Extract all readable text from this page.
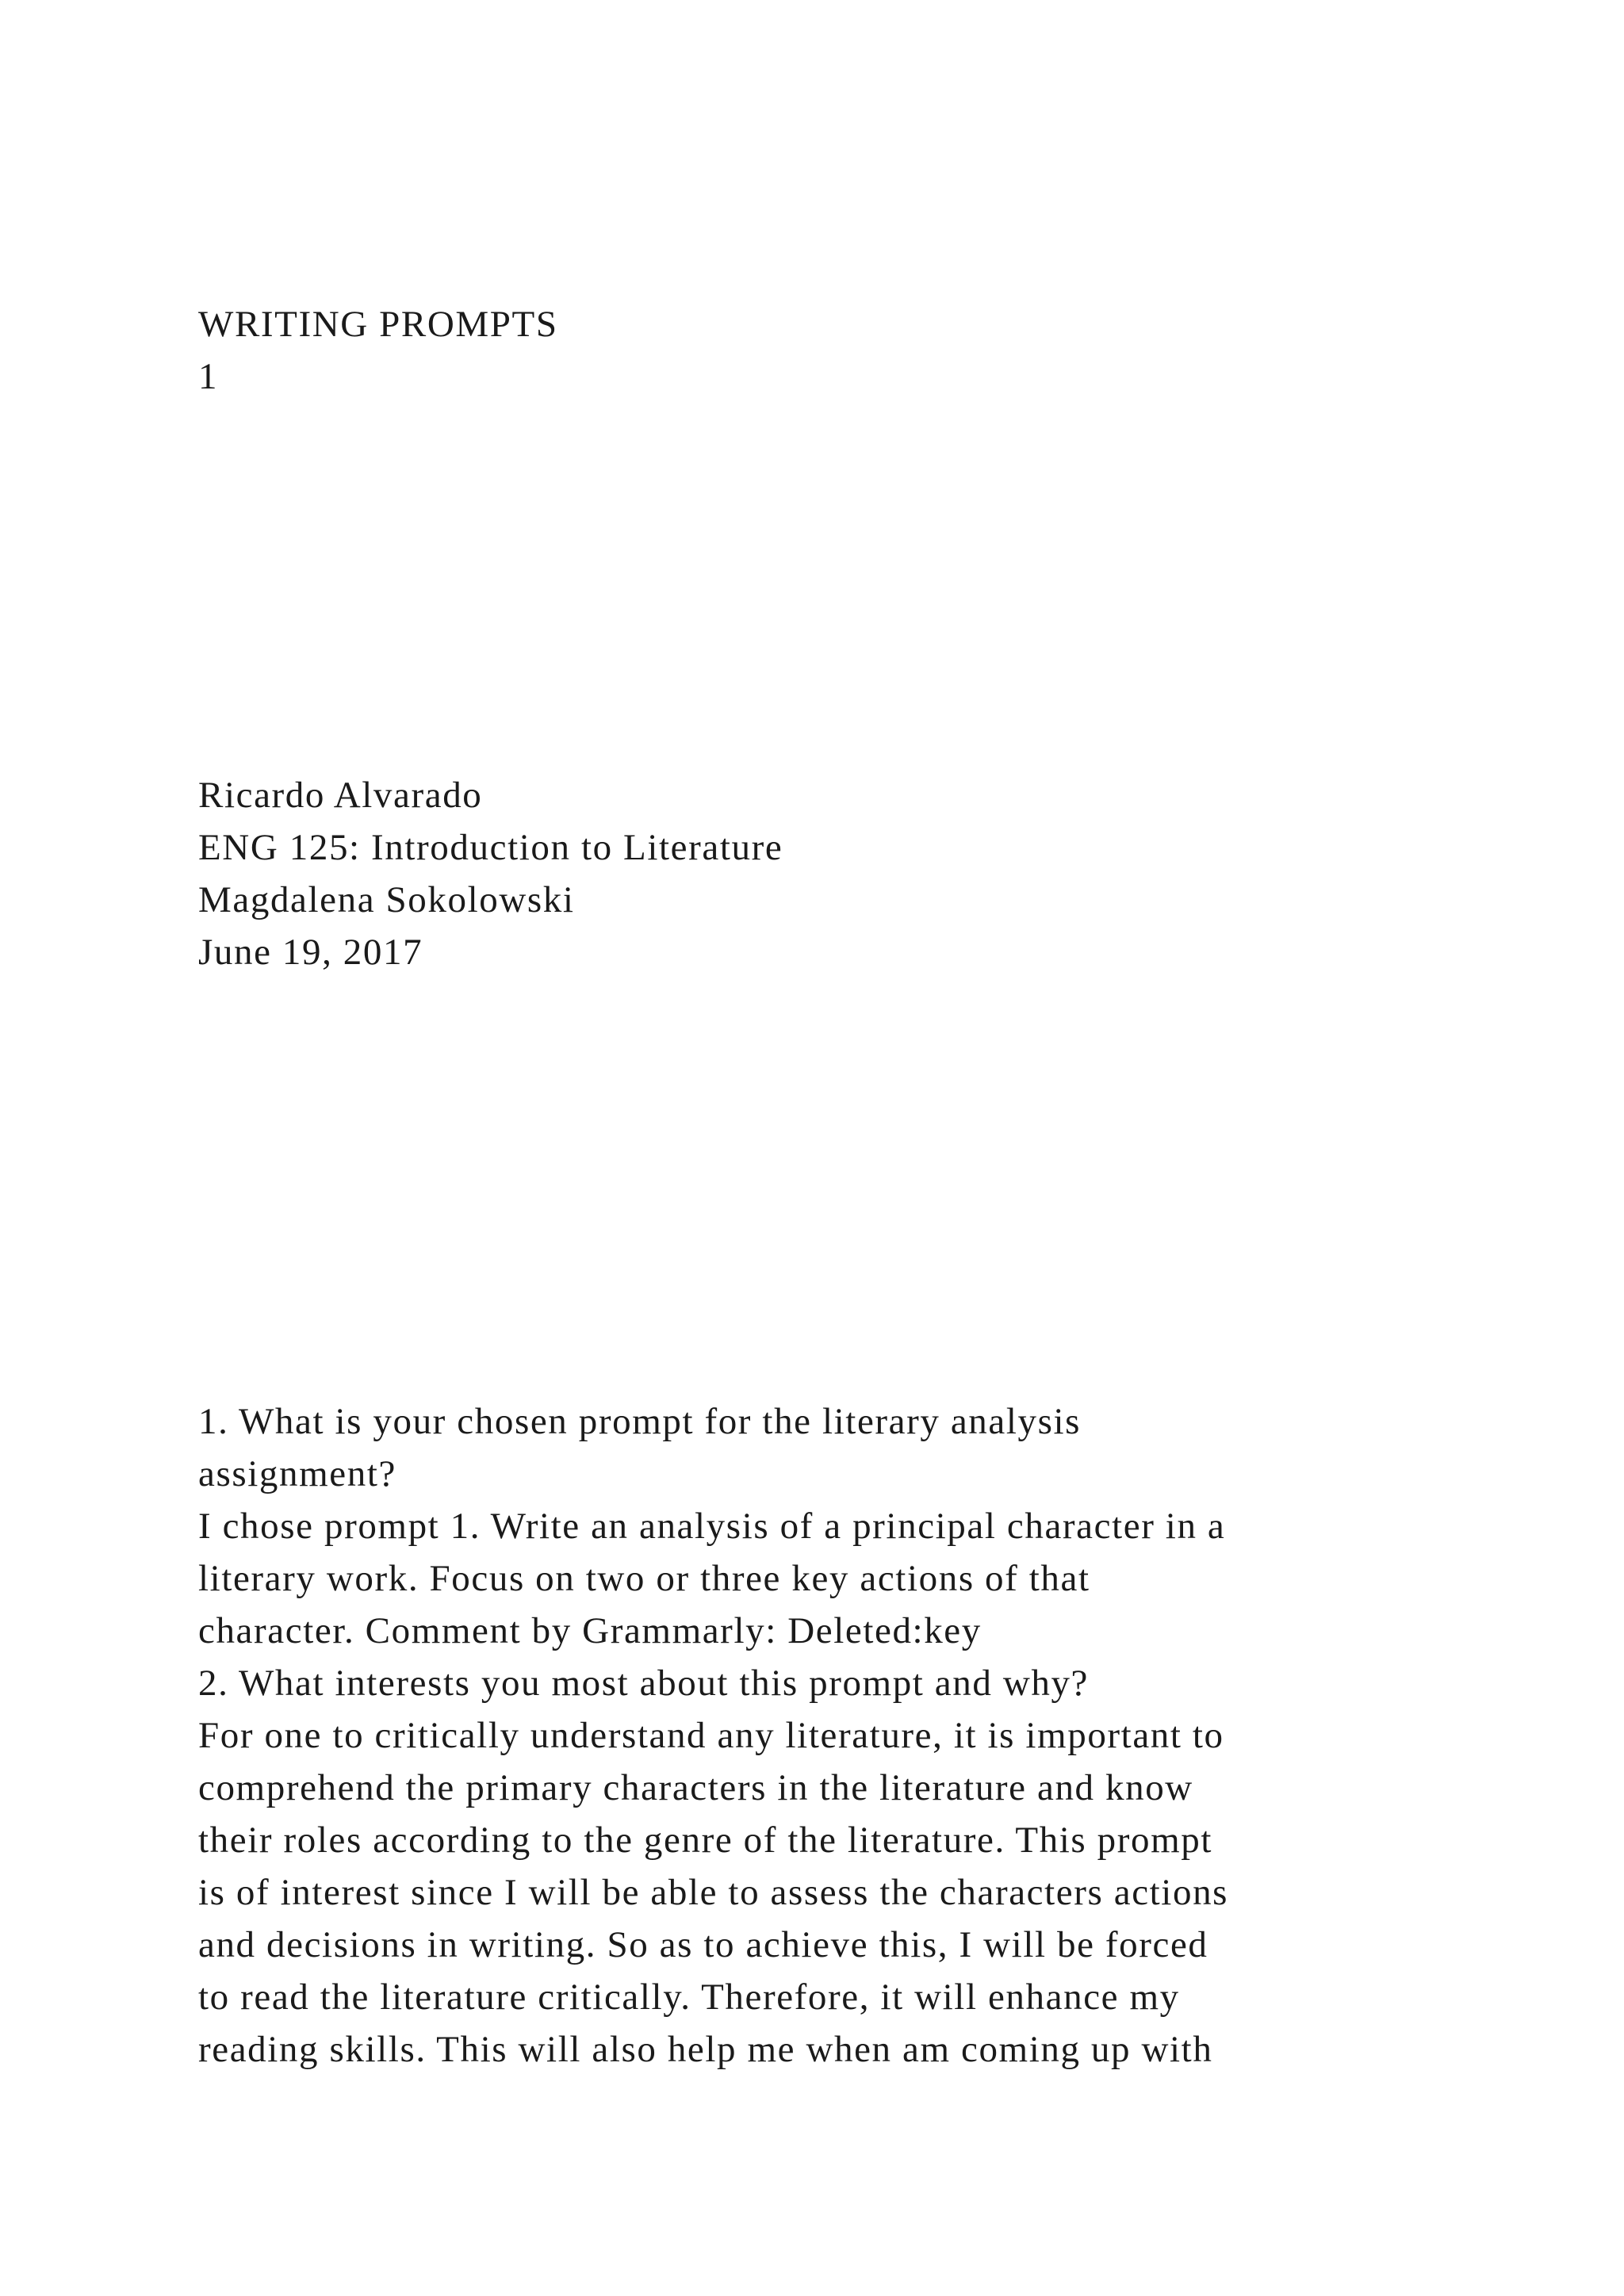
WRITING PROMPTS
1
Ricardo Alvarado
ENG 125: Introduction to Literature
Magdalena Sokolowski
June 19, 2017
1. What is your chosen prompt for the literary analysis
assignment?
I chose prompt 1. Write an analysis of a principal character in a
literary work. Focus on two or three key actions of that
character. Comment by Grammarly: Deleted:key
2. What interests you most about this prompt and why?
For one to critically understand any literature, it is important to
comprehend the primary characters in the literature and know
their roles according to the genre of the literature. This prompt
is of interest since I will be able to assess the characters actions
and decisions in writing. So as to achieve this, I will be forced
to read the literature critically. Therefore, it will enhance my
reading skills. This will also help me when am coming up with
